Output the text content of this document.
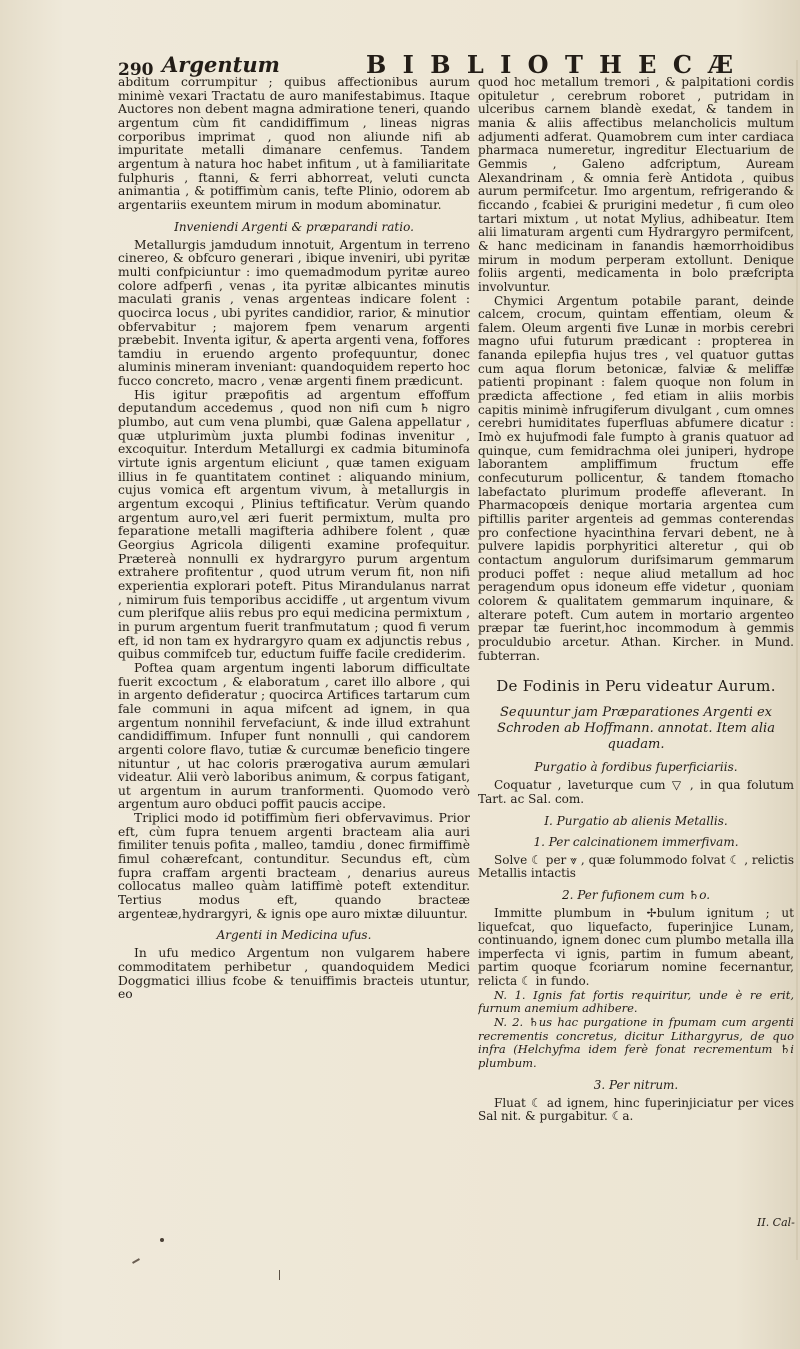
290 Argentum	B I B L I O T H E C Æ

abditum corrumpitur ; quibus affectionibus aurum minimè vexari Tractatu de auro manifestabimus. Itaque Auctores non debent magna admiratione teneri, quando argentum cùm fit candidiffimum , lineas nigras corporibus imprimat , quod non aliunde nifi ab impuritate metalli dimanare cenfemus. Tandem argentum à natura hoc habet infitum , ut à familiaritate fulphuris , ftanni, & ferri abhorreat, veluti cuncta animantia , & potiffimùm canis, tefte Plinio, odorem ab argentariis exeuntem mirum in modum abominatur.

Inveniendi Argenti & præparandi ratio.

Metallurgis jamdudum innotuit, Argentum in terreno cinereo, & obfcuro generari , ibique inveniri, ubi pyritæ multi confpiciuntur : imo quemadmodum pyritæ aureo colore adfperfi , venas , ita pyritæ albicantes minutis maculati granis , venas argenteas indicare folent : quocirca locus , ubi pyrites candidior, rarior, & minutior obfervabitur ; majorem fpem venarum argenti præbebit. Inventa igitur, & aperta argenti vena, foffores tamdiu in eruendo argento profequuntur, donec aluminis mineram inveniant: quandoquidem reperto hoc fucco concreto, macro , venæ argenti finem prædicunt.

His igitur præpofitis ad argentum effoffum deputandum accedemus , quod non nifi cum ♄ nigro plumbo, aut cum vena plumbi, quæ Galena appellatur , quæ utplurimùm juxta plumbi fodinas invenitur , excoquitur. Interdum Metallurgi ex cadmia bituminofa virtute ignis argentum eliciunt , quæ tamen exiguam illius in fe quantitatem continet : aliquando minium, cujus vomica eft argentum vivum, à metallurgis in argentum excoqui , Plinius teftificatur. Verùm quando argentum auro,vel æri fuerit permixtum, multa pro feparatione metalli magifteria adhibere folent , quæ Georgius Agricola diligenti examine profequitur. Prætereà nonnulli ex hydrargyro purum argentum extrahere profitentur , quod utrum verum fit, non nifi experientia explorari poteft. Pitus Mirandulanus narrat , nimirum fuis temporibus accidiffe , ut argentum vivum cum plerifque aliis rebus pro equi medicina permixtum , in purum argentum fuerit tranfmutatum ; quod fi verum eft, id non tam ex hydrargyro quam ex adjunctis rebus , quibus commifceb tur, eductum fuiffe facile crediderim.

Poftea quam argentum ingenti laborum difficultate fuerit excoctum , & elaboratum , caret illo albore , qui in argento defideratur ; quocirca Artifices tartarum cum fale communi in aqua mifcent ad ignem, in qua argentum nonnihil fervefaciunt, & inde illud extrahunt candidiffimum. Infuper funt nonnulli , qui candorem argenti colore flavo, tutiæ & curcumæ beneficio tingere nituntur , ut hac coloris prærogativa aurum æmulari videatur. Alii verò laboribus animum, & corpus fatigant, ut argentum in aurum tranformenti. Quomodo verò argentum auro obduci poffit paucis accipe.

Triplici modo id potiffimùm fieri obfervavimus. Prior eft, cùm fupra tenuem argenti bracteam alia auri fimiliter tenuis pofita , malleo, tamdiu , donec firmiffimè fimul cohærefcant, contunditur. Secundus eft, cùm fupra craffam argenti bracteam , denarius aureus collocatus malleo quàm latiffimè poteft extenditur. Tertius modus eft, quando bracteæ argenteæ,hydrargyri, & ignis ope auro mixtæ diluuntur.

Argenti in Medicina ufus.

In ufu medico Argentum non vulgarem habere commoditatem perhibetur , quandoquidem Medici Doggmatici illius fcobe & tenuiffimis bracteis utuntur, eo

quod hoc metallum tremori , & palpitationi cordis opituletur , cerebrum roboret , putridam in ulceribus carnem blandè exedat, & tandem in mania & aliis affectibus melancholicis multum adjumenti adferat. Quamobrem cum inter cardiaca pharmaca numeretur, ingreditur Electuarium de Gemmis , Galeno adfcriptum, Auream Alexandrinam , & omnia ferè Antidota , quibus aurum permifcetur. Imo argentum, refrigerando & ficcando , fcabiei & prurigini medetur , fi cum oleo tartari mixtum , ut notat Mylius, adhibeatur. Item alii limaturam argenti cum Hydrargyro permifcent, & hanc medicinam in fanandis hæmorrhoidibus mirum in modum perperam extollunt. Denique foliis argenti, medicamenta in bolo præfcripta involvuntur.

Chymici Argentum potabile parant, deinde calcem, crocum, quintam effentiam, oleum & falem. Oleum argenti five Lunæ in morbis cerebri magno ufui futurum prædicant : propterea in fananda epilepfia hujus tres , vel quatuor guttas cum aqua florum betonicæ, falviæ & meliffæ patienti propinant : falem quoque non folum in prædicta affectione , fed etiam in aliis morbis capitis minimè infrugiferum divulgant , cum omnes cerebri humiditates fuperfluas abfumere dicatur : Imò ex hujufmodi fale fumpto à granis quatuor ad quinque, cum femidrachma olei juniperi, hydrope laborantem ampliffimum fructum effe confecuturum pollicentur, & tandem ftomacho labefactato plurimum prodeffe afleverant. In Pharmacopœis denique mortaria argentea cum piftillis pariter argenteis ad gemmas conterendas pro confectione hyacinthina fervari debent, ne à pulvere lapidis porphyritici alteretur , qui ob contactum angulorum durifsimarum gemmarum produci poffet : neque aliud metallum ad hoc peragendum opus idoneum effe videtur , quoniam colorem & qualitatem gemmarum inquinare, & alterare poteft. Cum autem in mortario argenteo præpar tæ fuerint,hoc incommodum à gemmis proculdubio arcetur. Athan. Kircher. in Mund. fubterran.

De Fodinis in Peru videatur Aurum.

Sequuntur jam Præparationes Argenti ex Schroden ab Hoffmann. annotat. Item alia quadam.

Purgatio à fordibus fuperficiariis.

Coquatur , laveturque cum ▽ , in qua folutum Tart. ac Sal. com.

I. Purgatio ab alienis Metallis.
1. Per calcinationem immerfivam.

Solve ☾ per ⩔ , quæ folummodo folvat ☾ , relictis Metallis intactis

2. Per fufionem cum ♄o.

Immitte plumbum in ✢bulum ignitum ; ut liquefcat, quo liquefacto, fuperinjice Lunam, continuando, ignem donec cum plumbo metalla illa imperfecta vi ignis, partim in fumum abeant, partim quoque fcoriarum nomine fecernantur, relicta ☾ in fundo.

N. 1. Ignis fat fortis requiritur, unde è re erit, furnum anemium adhibere.

N. 2. ♄us hac purgatione in fpumam cum argenti recrementis concretus, dicitur Lithargyrus, de quo infra (Helchyfma idem ferè fonat recrementum ♄i plumbum.

3. Per nitrum.

Fluat ☾ ad ignem, hinc fuperinjiciatur per vices Sal nit. & purgabitur. ☾a.

II. Cal-
